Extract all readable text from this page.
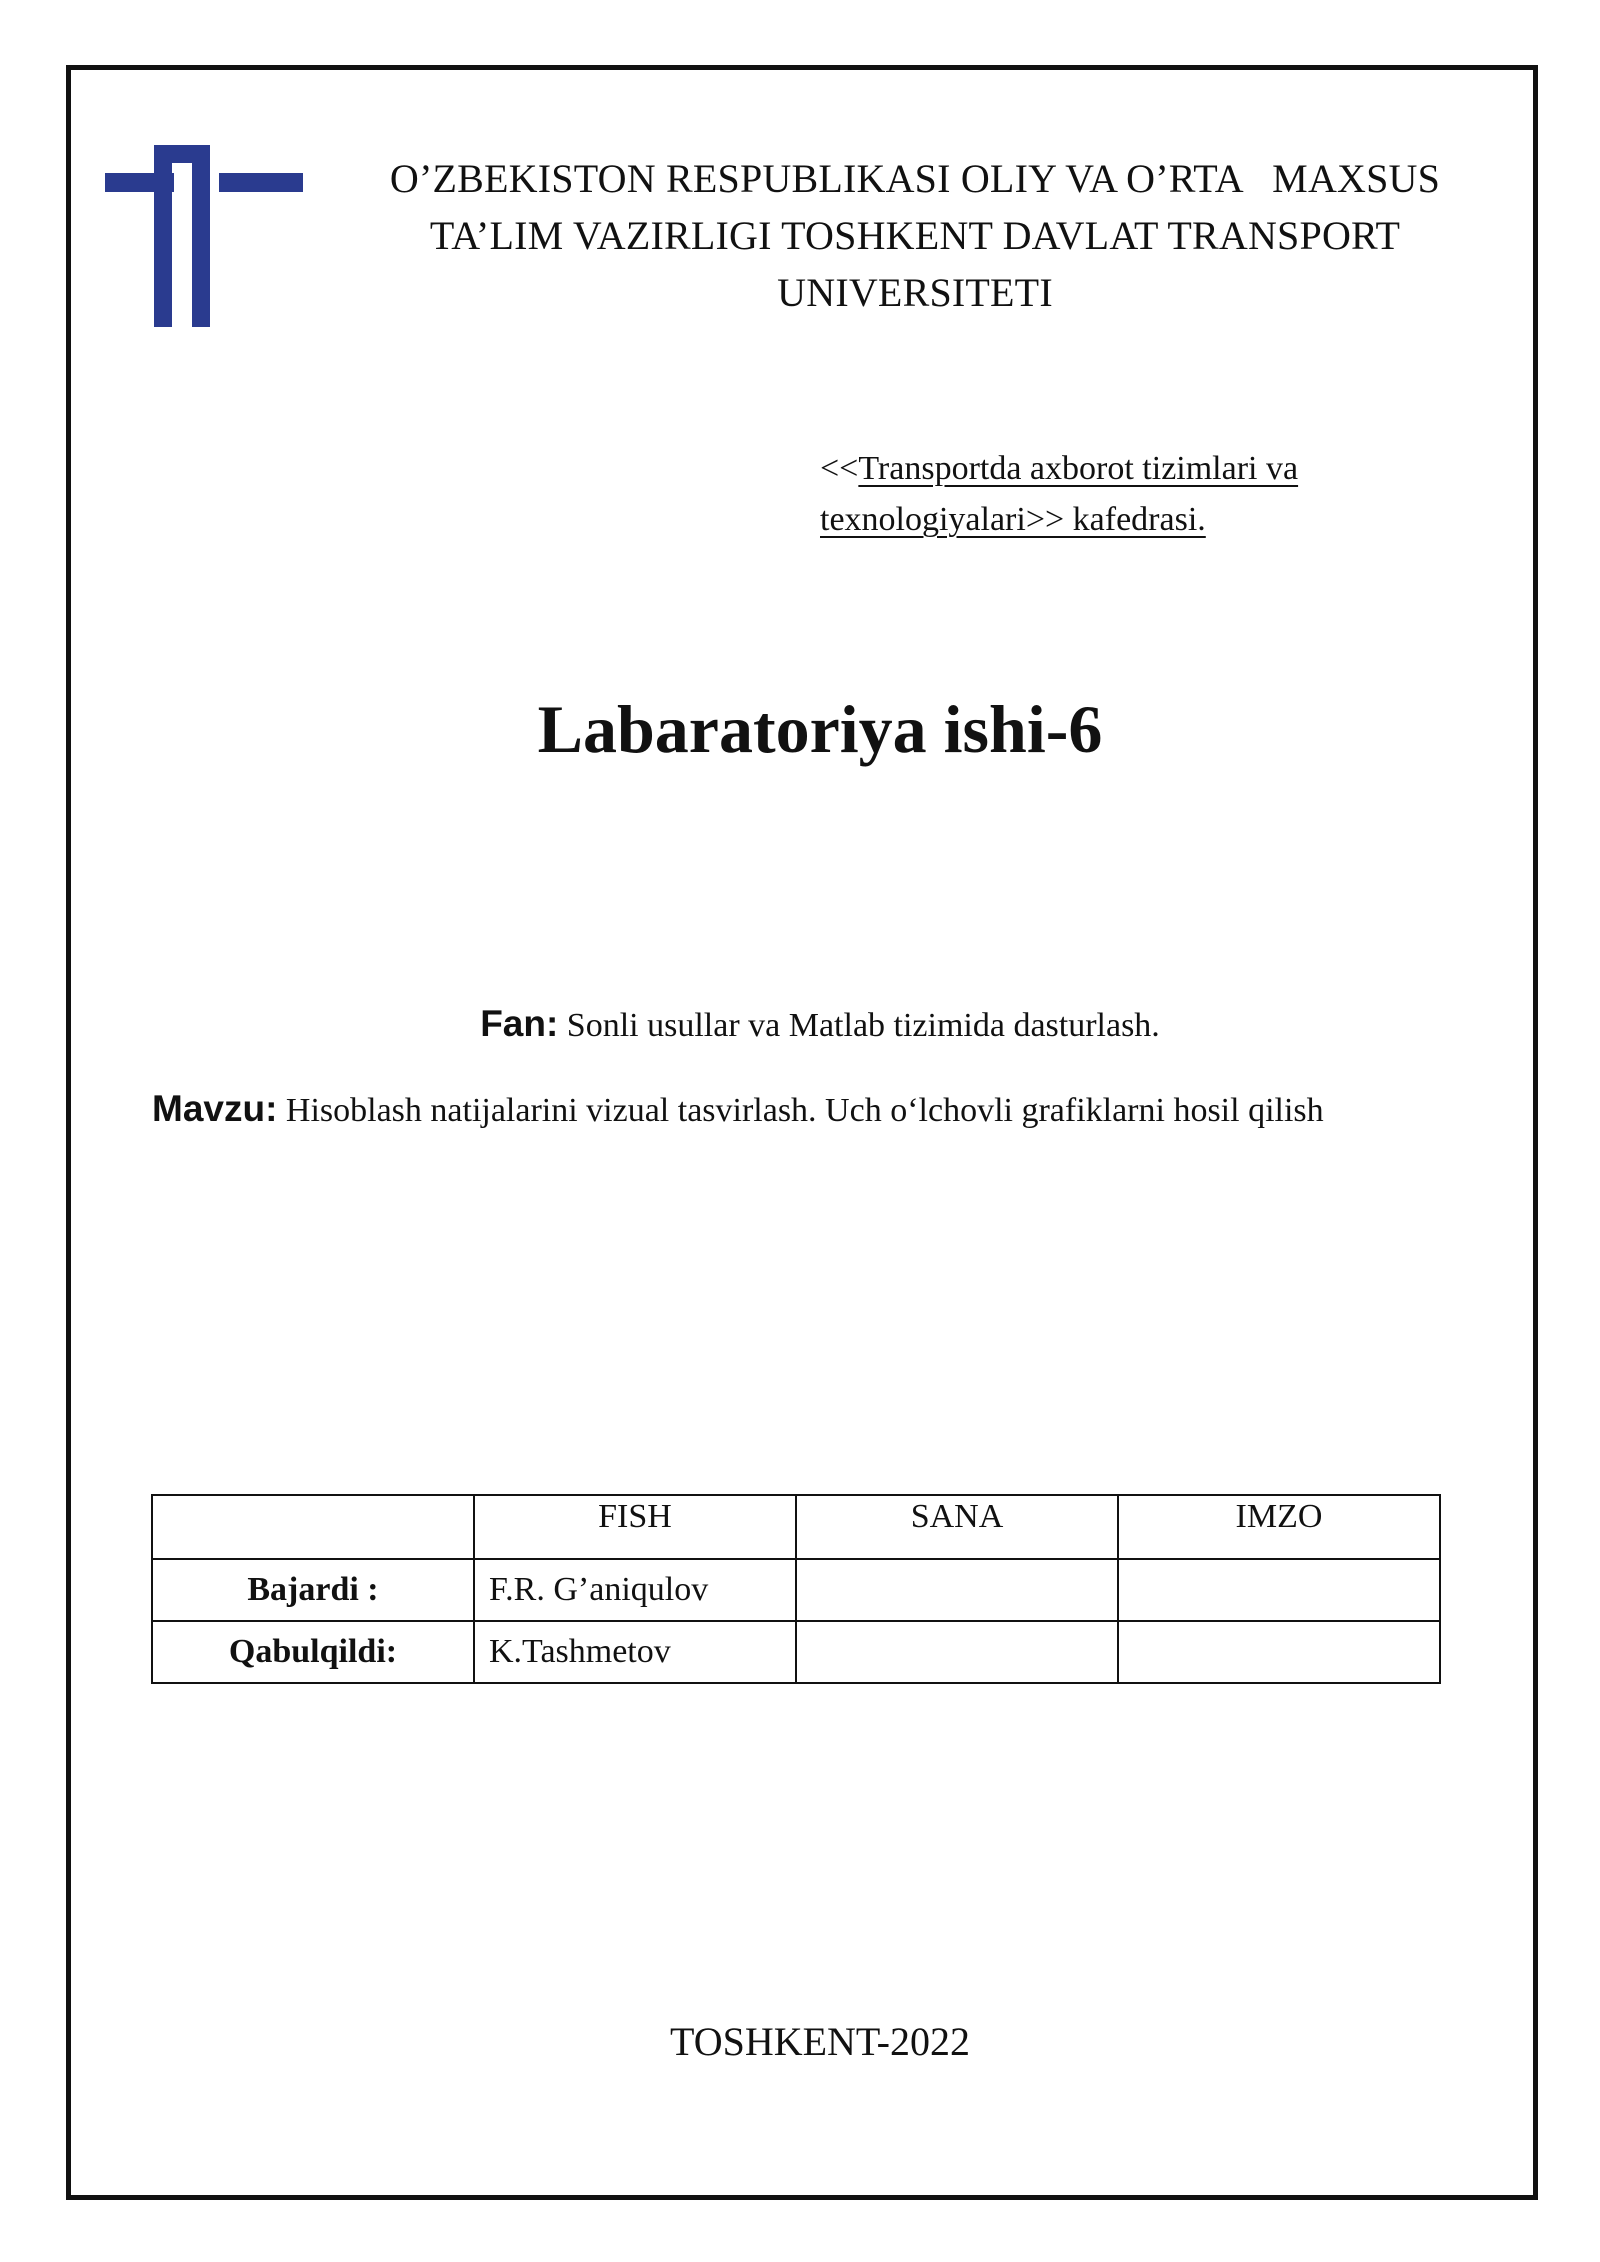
O’ZBEKISTON RESPUBLIKASI OLIY VA O’RTA   MAXSUS
TA’LIM VAZIRLIGI TOSHKENT DAVLAT TRANSPORT
UNIVERSITETI
<<Transportda axborot tizimlari va
texnologiyalari>> kafedrasi.
Labaratoriya ishi-6
Fan: Sonli usullar va Matlab tizimida dasturlash.
Mavzu: Hisoblash natijalarini vizual tasvirlash. Uch o‘lchovli grafiklarni hosil qilish
	FISH	SANA	IMZO
Bajardi :	F.R. G’aniqulov		
Qabulqildi:	K.Tashmetov		
TOSHKENT-2022
